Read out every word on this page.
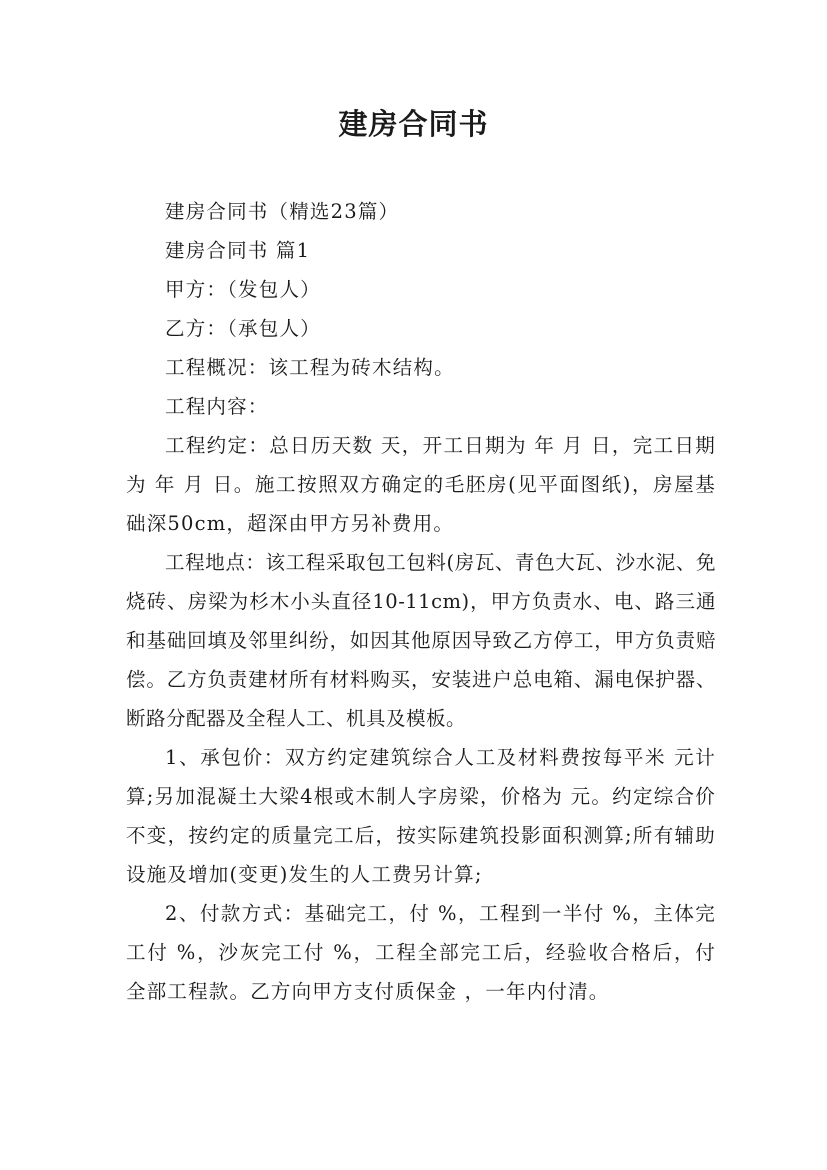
建房合同书

建房合同书（精选23篇）

建房合同书 篇1

甲方：（发包人）

乙方：（承包人）

工程概况：该工程为砖木结构。

工程内容：

工程约定：总日历天数 天，开工日期为 年 月 日，完工日期为 年 月 日。施工按照双方确定的毛胚房(见平面图纸)，房屋基础深50cm，超深由甲方另补费用。

工程地点：该工程采取包工包料(房瓦、青色大瓦、沙水泥、免烧砖、房梁为杉木小头直径10-11cm)，甲方负责水、电、路三通和基础回填及邻里纠纷，如因其他原因导致乙方停工，甲方负责赔偿。乙方负责建材所有材料购买，安装进户总电箱、漏电保护器、断路分配器及全程人工、机具及模板。

1、承包价：双方约定建筑综合人工及材料费按每平米 元计算;另加混凝土大梁4根或木制人字房梁，价格为 元。约定综合价不变，按约定的质量完工后，按实际建筑投影面积测算;所有辅助设施及增加(变更)发生的人工费另计算;

2、付款方式：基础完工，付 %，工程到一半付 %，主体完工付 %，沙灰完工付 %，工程全部完工后，经验收合格后，付全部工程款。乙方向甲方支付质保金 ，一年内付清。
